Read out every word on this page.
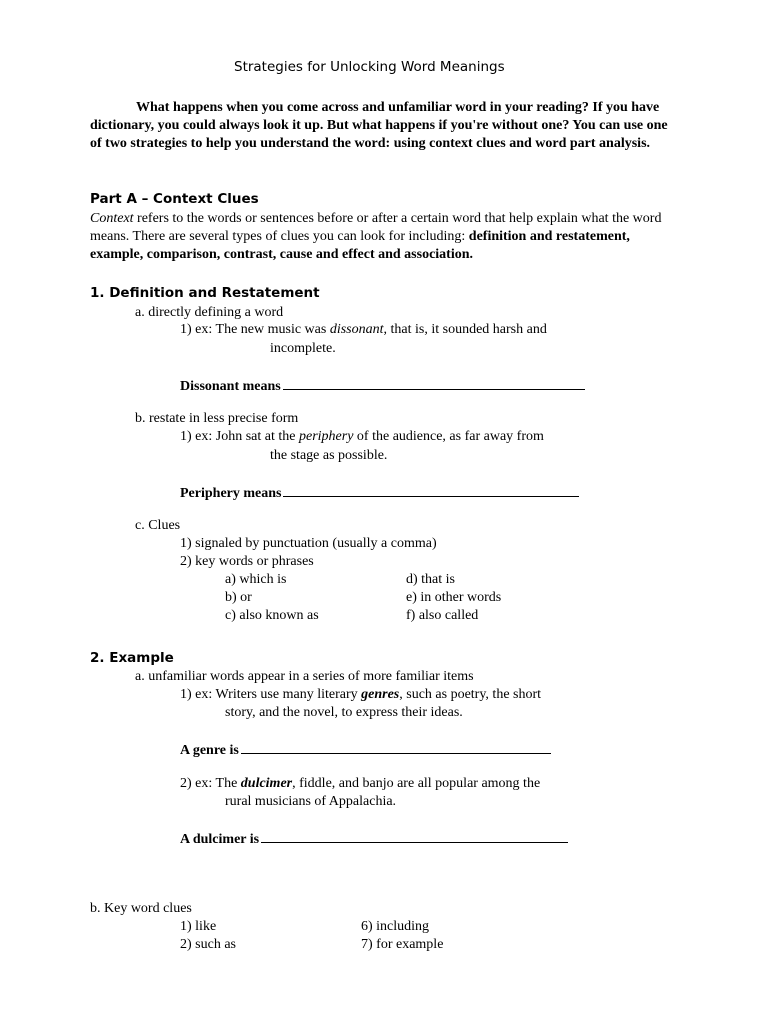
Strategies for Unlocking Word Meanings
What happens when you come across and unfamiliar word in your reading? If you have dictionary, you could always look it up. But what happens if you're without one? You can use one of two strategies to help you understand the word: using context clues and word part analysis.
Part A – Context Clues
Context refers to the words or sentences before or after a certain word that help explain what the word means. There are several types of clues you can look for including: definition and restatement, example, comparison, contrast, cause and effect and association.
1. Definition and Restatement
a. directly defining a word
1) ex: The new music was dissonant, that is, it sounded harsh and
incomplete.
Dissonant means
b. restate in less precise form
1) ex: John sat at the periphery of the audience, as far away from
the stage as possible.
Periphery means
c. Clues
1) signaled by punctuation (usually a comma)
2) key words or phrases
a) which is
b) or
c) also known as
d) that is
e) in other words
f) also called
2. Example
a. unfamiliar words appear in a series of more familiar items
1) ex: Writers use many literary genres, such as poetry, the short
story, and the novel, to express their ideas.
A genre is
2) ex: The dulcimer, fiddle, and banjo are all popular among the
rural musicians of Appalachia.
A dulcimer is
b. Key word clues
1) like
2) such as
6) including
7) for example
